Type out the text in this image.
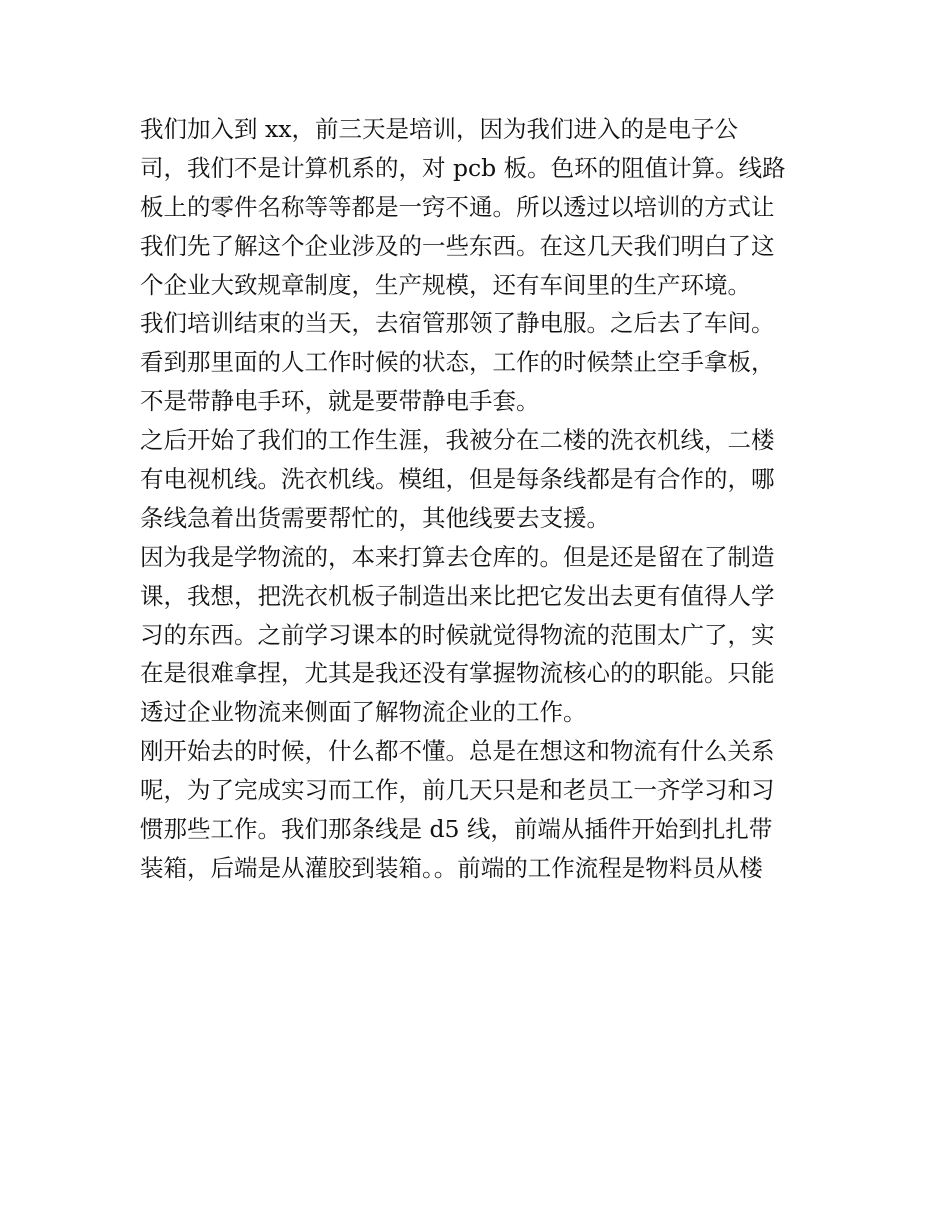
我们加入到 xx，前三天是培训，因为我们进入的是电子公
司，我们不是计算机系的，对 pcb 板。色环的阻值计算。线路
板上的零件名称等等都是一窍不通。所以透过以培训的方式让
我们先了解这个企业涉及的一些东西。在这几天我们明白了这
个企业大致规章制度，生产规模，还有车间里的生产环境。
我们培训结束的当天，去宿管那领了静电服。之后去了车间。
看到那里面的人工作时候的状态，工作的时候禁止空手拿板，
不是带静电手环，就是要带静电手套。
之后开始了我们的工作生涯，我被分在二楼的洗衣机线，二楼
有电视机线。洗衣机线。模组，但是每条线都是有合作的，哪
条线急着出货需要帮忙的，其他线要去支援。
因为我是学物流的，本来打算去仓库的。但是还是留在了制造
课，我想，把洗衣机板子制造出来比把它发出去更有值得人学
习的东西。之前学习课本的时候就觉得物流的范围太广了，实
在是很难拿捏，尤其是我还没有掌握物流核心的的职能。只能
透过企业物流来侧面了解物流企业的工作。
刚开始去的时候，什么都不懂。总是在想这和物流有什么关系
呢，为了完成实习而工作，前几天只是和老员工一齐学习和习
惯那些工作。我们那条线是 d5 线，前端从插件开始到扎扎带
装箱，后端是从灌胶到装箱。。前端的工作流程是物料员从楼
